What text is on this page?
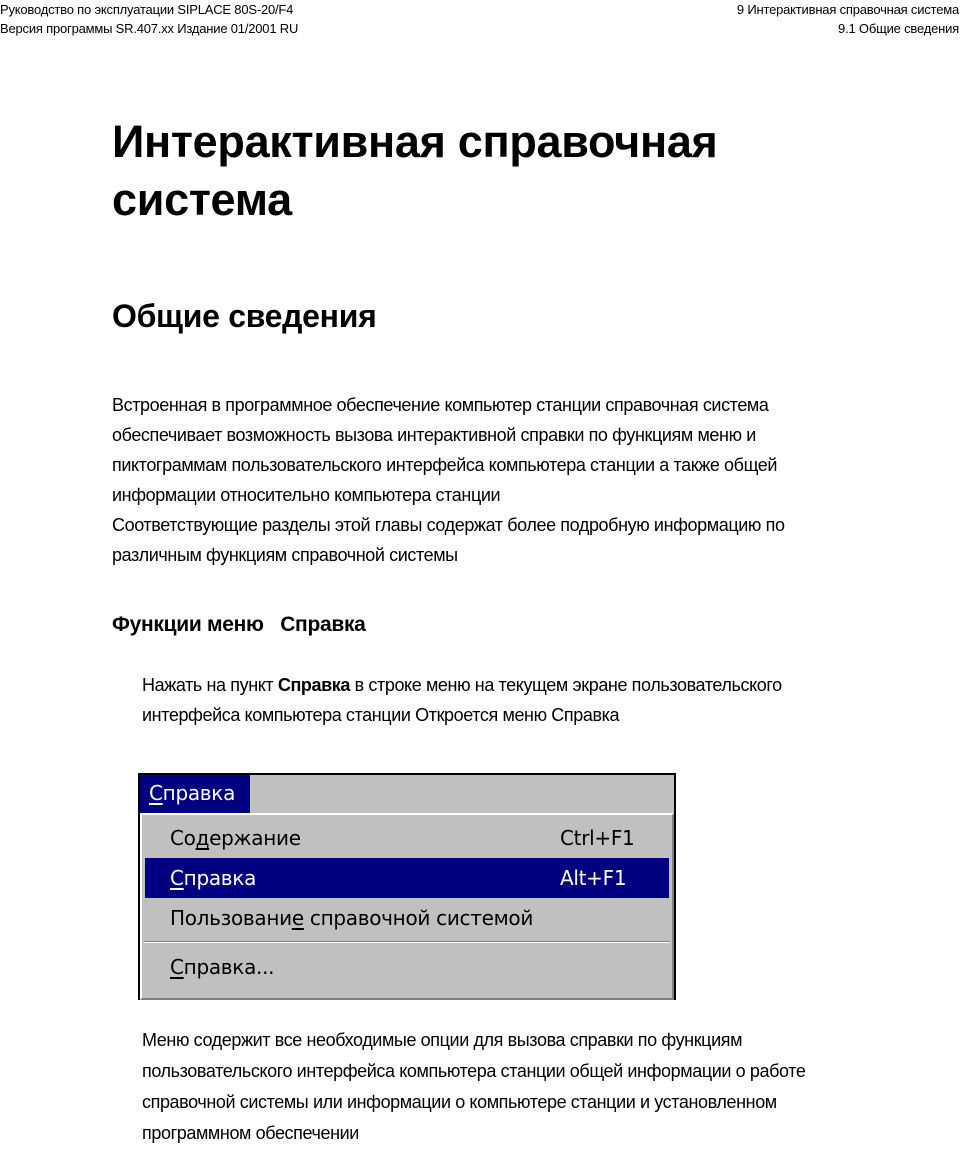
Руководство по эксплуатации SIPLACE 80S-20/F4
Версия программы SR.407.xx Издание 01/2001 RU
9 Интерактивная справочная система
9.1 Общие сведения
Интерактивная справочная
система
Общие сведения
Встроенная в программное обеспечение компьютер станции справочная система
обеспечивает возможность вызова интерактивной справки по функциям меню и
пиктограммам пользовательского интерфейса компьютера станции а также общей
информации относительно компьютера станции
Соответствующие разделы этой главы содержат более подробную информацию по
различным функциям справочной системы
Функции меню   Справка
Нажать на пункт Справка в строке меню на текущем экране пользовательского
интерфейса компьютера станции Откроется меню Справка
Справка
Содержание	Ctrl+F1
Справка	Alt+F1
Пользование справочной системой
Справка...
Меню содержит все необходимые опции для вызова справки по функциям
пользовательского интерфейса компьютера станции общей информации о работе
справочной системы или информации о компьютере станции и установленном
программном обеспечении
